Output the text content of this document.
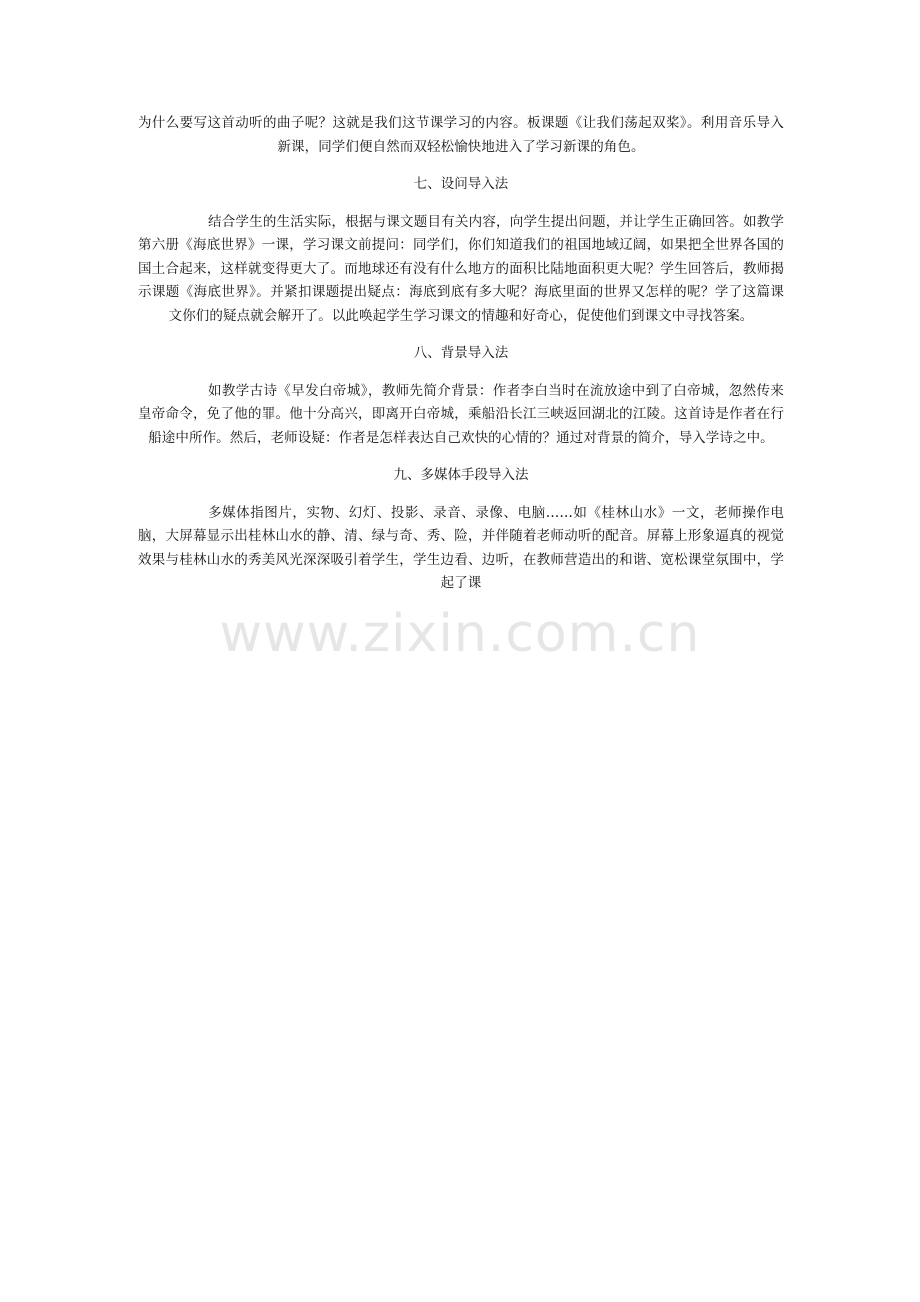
为什么要写这首动听的曲子呢？这就是我们这节课学习的内容。板课题《让我们荡起双桨》。利用音乐导入新课，同学们便自然而双轻松愉快地进入了学习新课的角色。

七、设问导入法

结合学生的生活实际，根据与课文题目有关内容，向学生提出问题，并让学生正确回答。如教学第六册《海底世界》一课，学习课文前提问：同学们，你们知道我们的祖国地域辽阔，如果把全世界各国的国土合起来，这样就变得更大了。而地球还有没有什么地方的面积比陆地面积更大呢？学生回答后，教师揭示课题《海底世界》。并紧扣课题提出疑点：海底到底有多大呢？海底里面的世界又怎样的呢？学了这篇课文你们的疑点就会解开了。以此唤起学生学习课文的情趣和好奇心，促使他们到课文中寻找答案。

八、背景导入法

如教学古诗《早发白帝城》，教师先简介背景：作者李白当时在流放途中到了白帝城，忽然传来皇帝命令，免了他的罪。他十分高兴，即离开白帝城，乘船沿长江三峡返回湖北的江陵。这首诗是作者在行船途中所作。然后，老师设疑：作者是怎样表达自己欢快的心情的？通过对背景的简介，导入学诗之中。

九、多媒体手段导入法

多媒体指图片，实物、幻灯、投影、录音、录像、电脑……如《桂林山水》一文，老师操作电脑，大屏幕显示出桂林山水的静、清、绿与奇、秀、险，并伴随着老师动听的配音。屏幕上形象逼真的视觉效果与桂林山水的秀美风光深深吸引着学生，学生边看、边听，在教师营造出的和谐、宽松课堂氛围中，学起了课

www.zixin.com.cn
